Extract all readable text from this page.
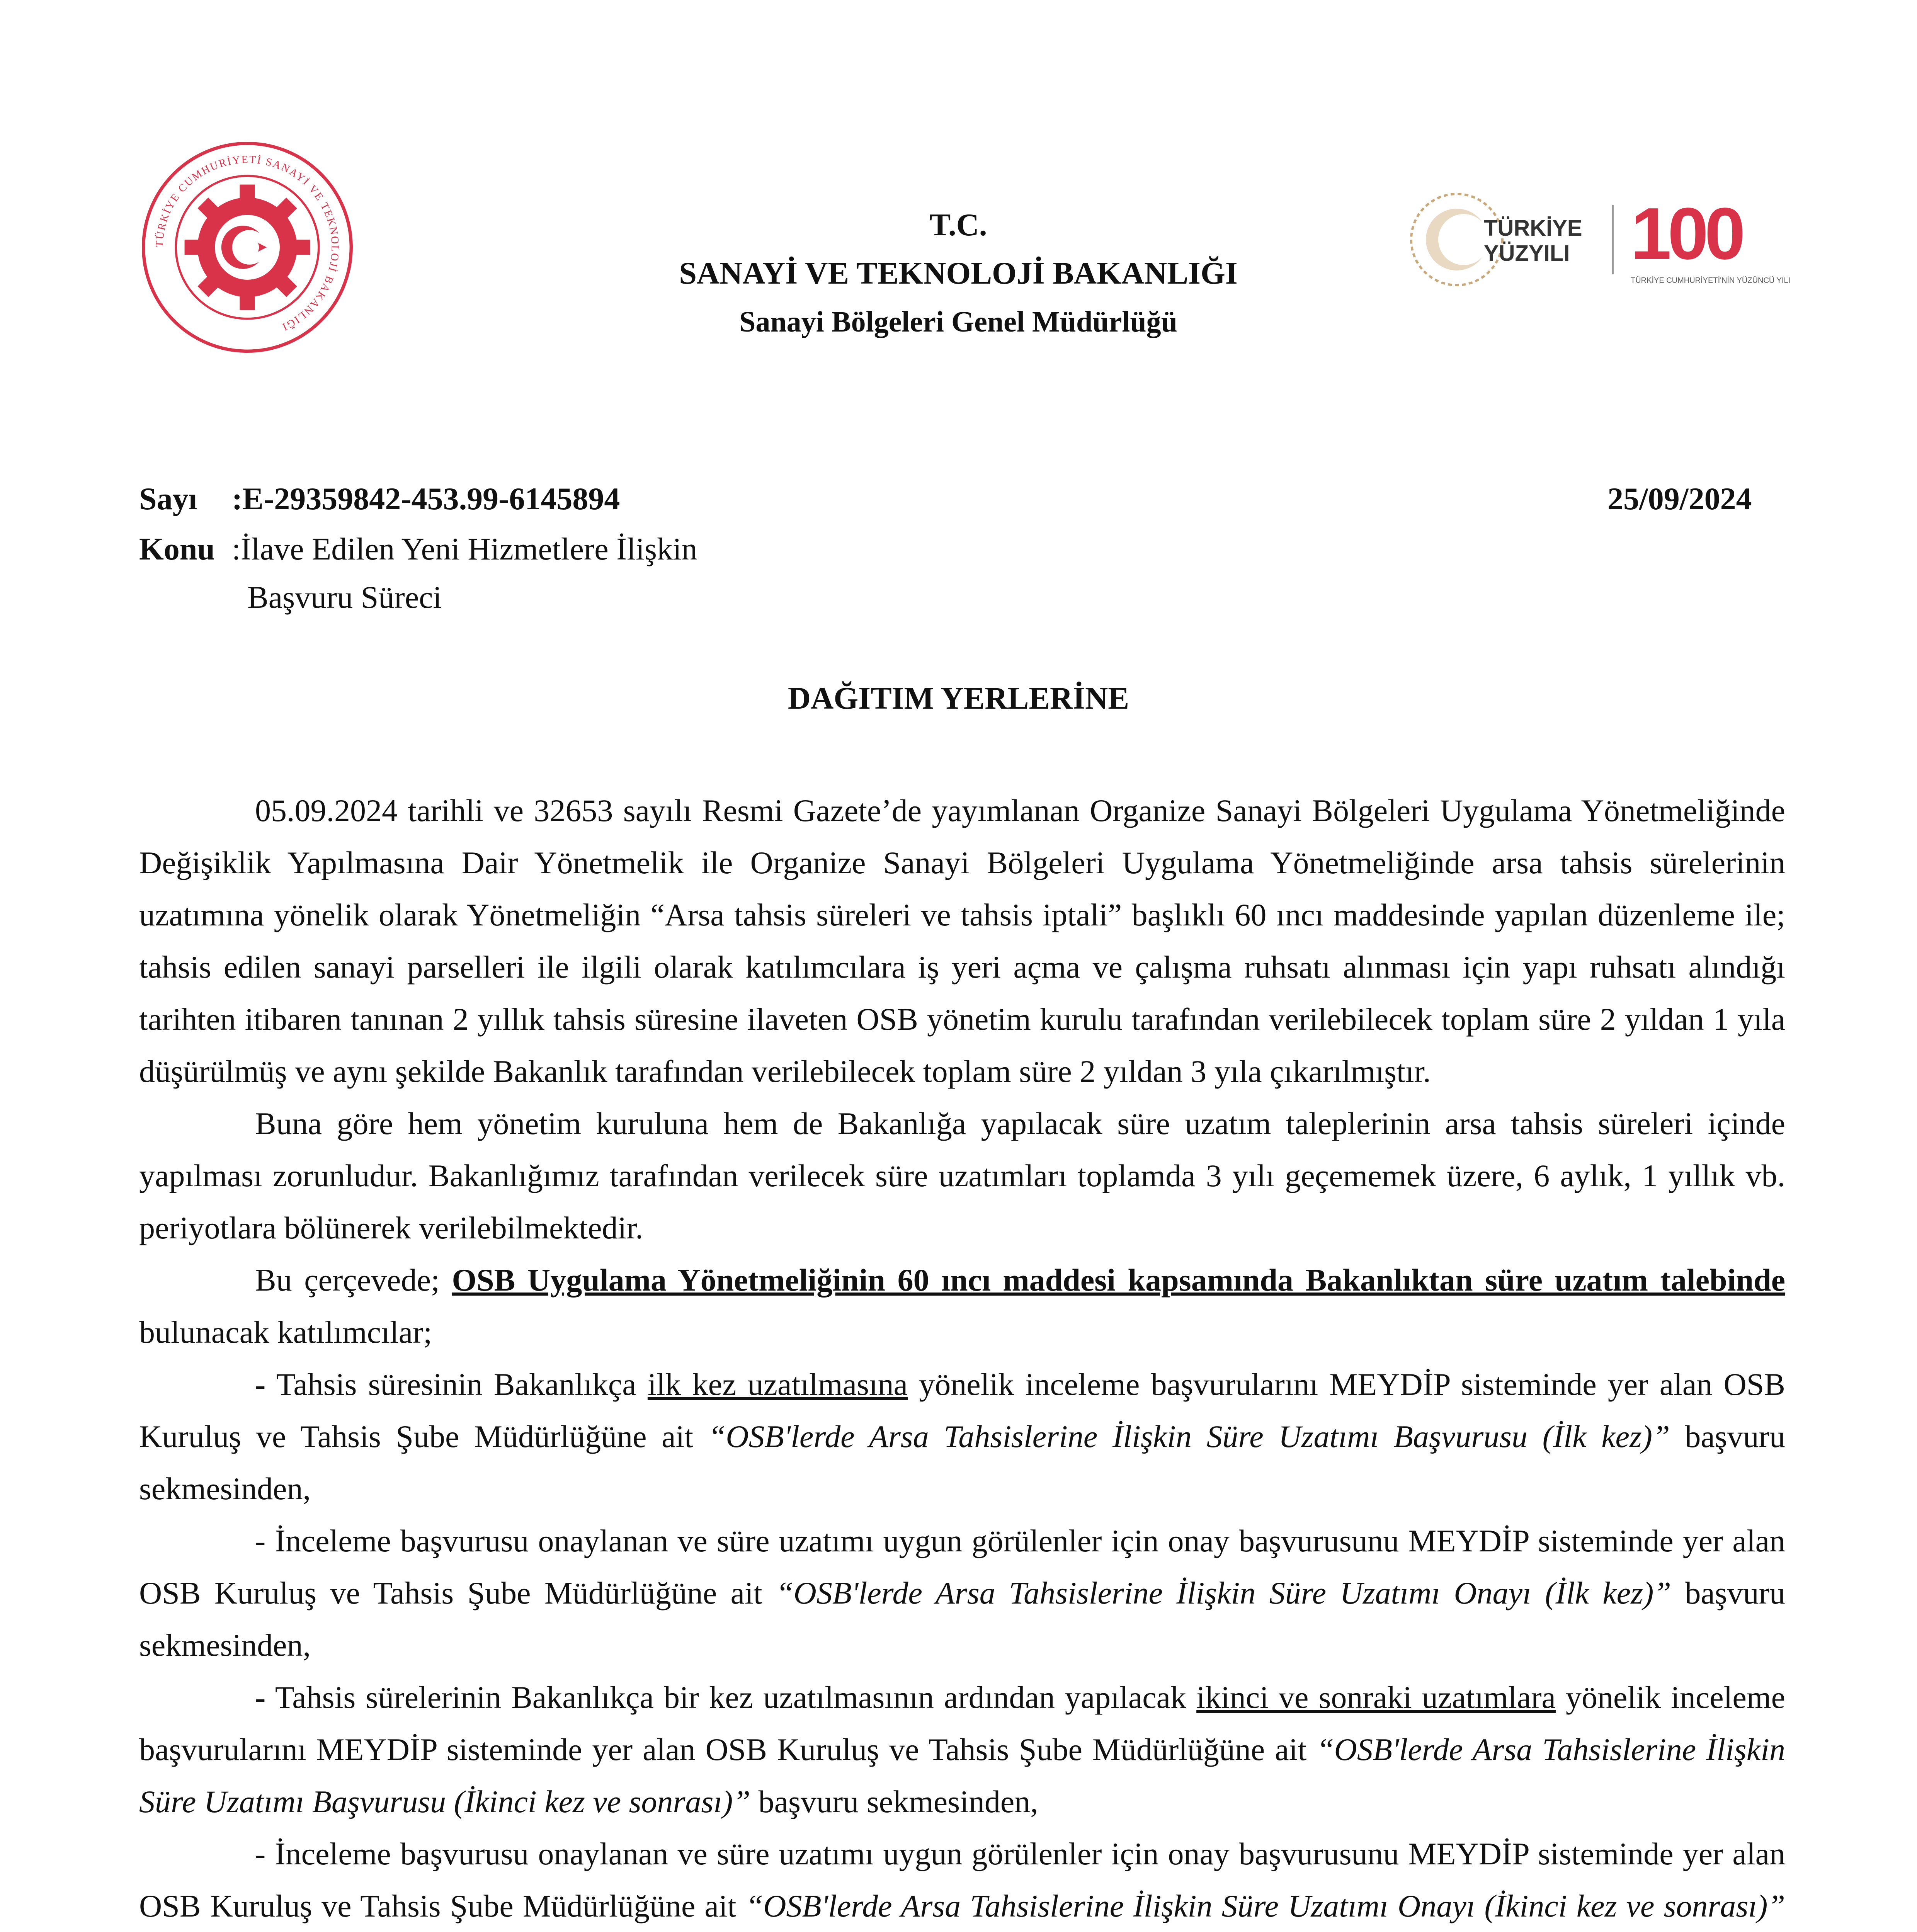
TÜRKİYE CUMHURİYETİ SANAYİ VE TEKNOLOJİ BAKANLIĞI
T.C.
SANAYİ VE TEKNOLOJİ BAKANLIĞI
Sanayi Bölgeleri Genel Müdürlüğü
TÜRKİYE
YÜZYILI 100
TÜRKİYE CUMHURİYETİ'NİN YÜZÜNCÜ YILI
Sayı :E-29359842-453.99-6145894	25/09/2024
Konu :İlave Edilen Yeni Hizmetlere İlişkin
Başvuru Süreci
DAĞITIM YERLERİNE

05.09.2024 tarihli ve 32653 sayılı Resmi Gazete’de yayımlanan Organize Sanayi Bölgeleri Uygulama Yönetmeliğinde Değişiklik Yapılmasına Dair Yönetmelik ile Organize Sanayi Bölgeleri Uygulama Yönetmeliğinde arsa tahsis sürelerinin uzatımına yönelik olarak Yönetmeliğin “Arsa tahsis süreleri ve tahsis iptali” başlıklı 60 ıncı maddesinde yapılan düzenleme ile; tahsis edilen sanayi parselleri ile ilgili olarak katılımcılara iş yeri açma ve çalışma ruhsatı alınması için yapı ruhsatı alındığı tarihten itibaren tanınan 2 yıllık tahsis süresine ilaveten OSB yönetim kurulu tarafından verilebilecek toplam süre 2 yıldan 1 yıla düşürülmüş ve aynı şekilde Bakanlık tarafından verilebilecek toplam süre 2 yıldan 3 yıla çıkarılmıştır.

Buna göre hem yönetim kuruluna hem de Bakanlığa yapılacak süre uzatım taleplerinin arsa tahsis süreleri içinde yapılması zorunludur. Bakanlığımız tarafından verilecek süre uzatımları toplamda 3 yılı geçememek üzere, 6 aylık, 1 yıllık vb. periyotlara bölünerek verilebilmektedir.

Bu çerçevede; OSB Uygulama Yönetmeliğinin 60 ıncı maddesi kapsamında Bakanlıktan süre uzatım talebinde bulunacak katılımcılar;

- Tahsis süresinin Bakanlıkça ilk kez uzatılmasına yönelik inceleme başvurularını MEYDİP sisteminde yer alan OSB Kuruluş ve Tahsis Şube Müdürlüğüne ait “OSB'lerde Arsa Tahsislerine İlişkin Süre Uzatımı Başvurusu (İlk kez)” başvuru sekmesinden,

- İnceleme başvurusu onaylanan ve süre uzatımı uygun görülenler için onay başvurusunu MEYDİP sisteminde yer alan OSB Kuruluş ve Tahsis Şube Müdürlüğüne ait “OSB'lerde Arsa Tahsislerine İlişkin Süre Uzatımı Onayı (İlk kez)” başvuru sekmesinden,

- Tahsis sürelerinin Bakanlıkça bir kez uzatılmasının ardından yapılacak ikinci ve sonraki uzatımlara yönelik inceleme başvurularını MEYDİP sisteminde yer alan OSB Kuruluş ve Tahsis Şube Müdürlüğüne ait “OSB'lerde Arsa Tahsislerine İlişkin Süre Uzatımı Başvurusu (İkinci kez ve sonrası)” başvuru sekmesinden,

- İnceleme başvurusu onaylanan ve süre uzatımı uygun görülenler için onay başvurusunu MEYDİP sisteminde yer alan OSB Kuruluş ve Tahsis Şube Müdürlüğüne ait “OSB'lerde Arsa Tahsislerine İlişkin Süre Uzatımı Onayı (İkinci kez ve sonrası)”
